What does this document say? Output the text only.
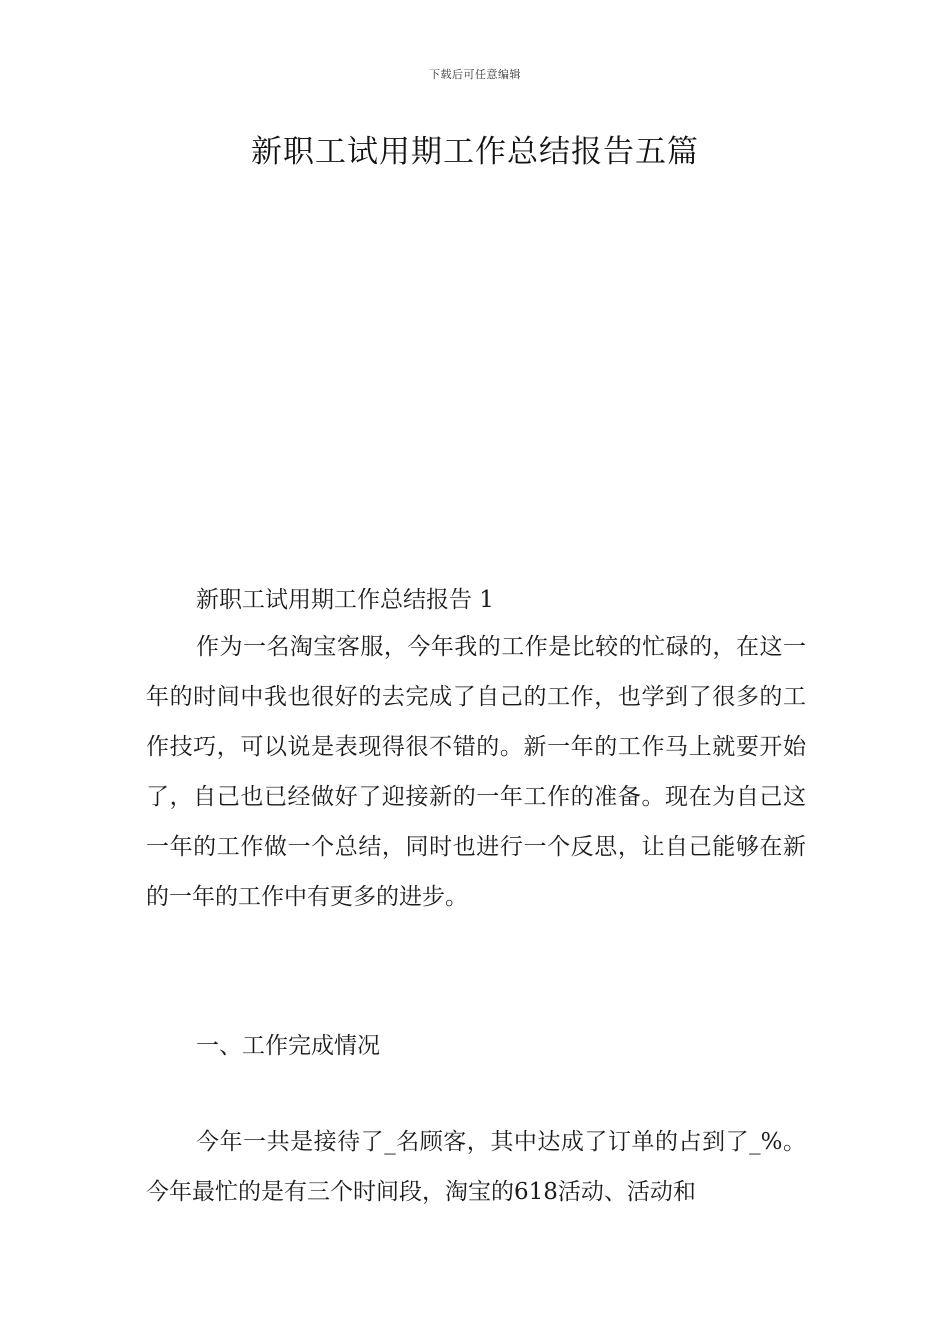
下载后可任意编辑
新职工试用期工作总结报告五篇
新职工试用期工作总结报告 1

作为一名淘宝客服，今年我的工作是比较的忙碌的，在这一年的时间中我也很好的去完成了自己的工作，也学到了很多的工作技巧，可以说是表现得很不错的。新一年的工作马上就要开始了，自己也已经做好了迎接新的一年工作的准备。现在为自己这一年的工作做一个总结，同时也进行一个反思，让自己能够在新的一年的工作中有更多的进步。

一、工作完成情况

今年一共是接待了_名顾客，其中达成了订单的占到了_%。今年最忙的是有三个时间段，淘宝的618活动、活动和
